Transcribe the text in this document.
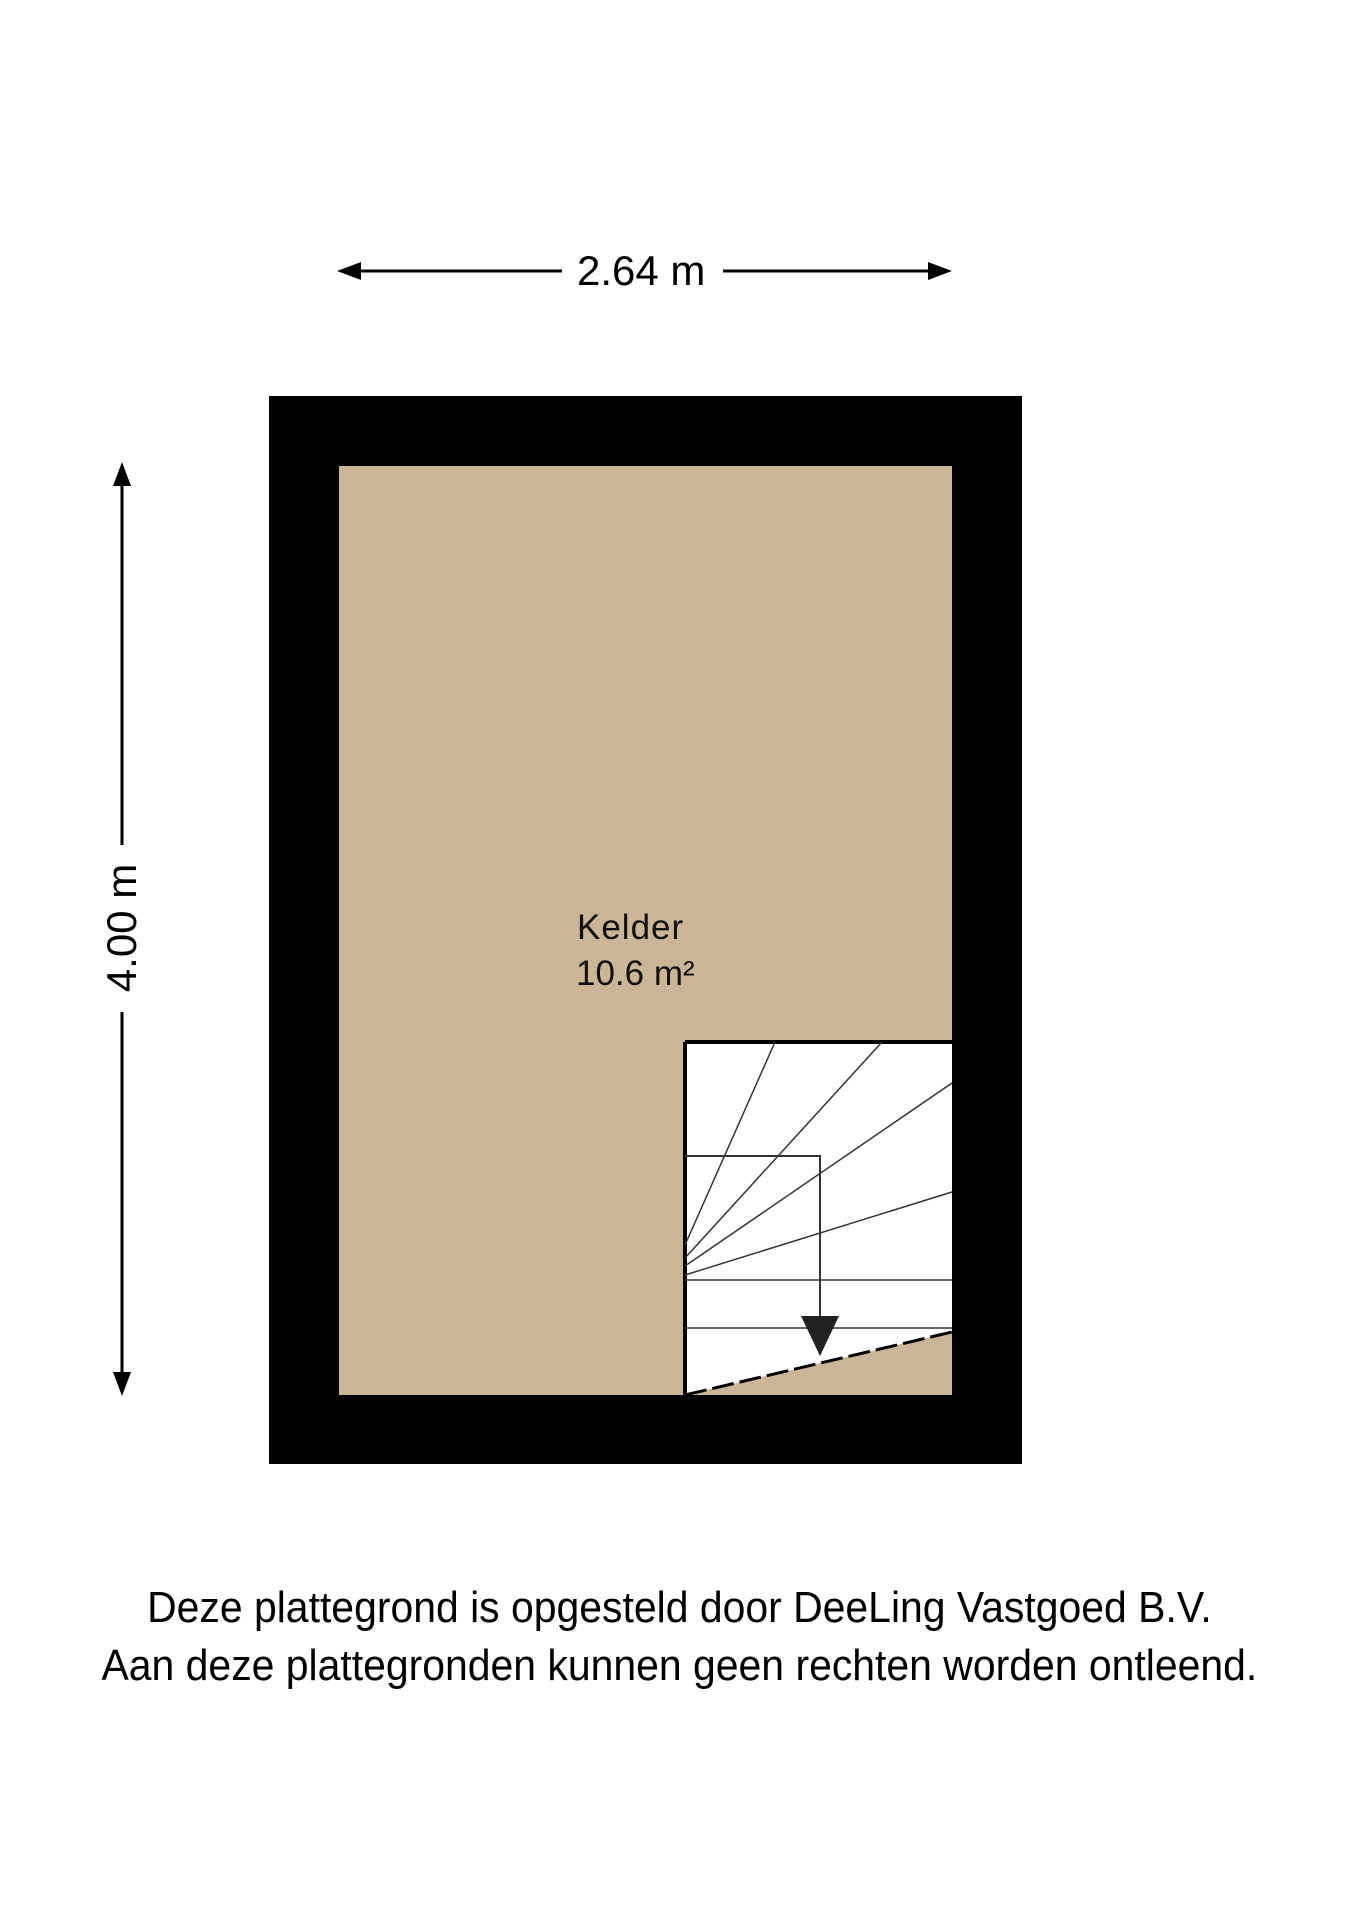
2.64 m
4.00 m	Kelder
10.6 m²
Deze plattegrond is opgesteld door DeeLing Vastgoed B.V.
Aan deze plattegronden kunnen geen rechten worden ontleend.
